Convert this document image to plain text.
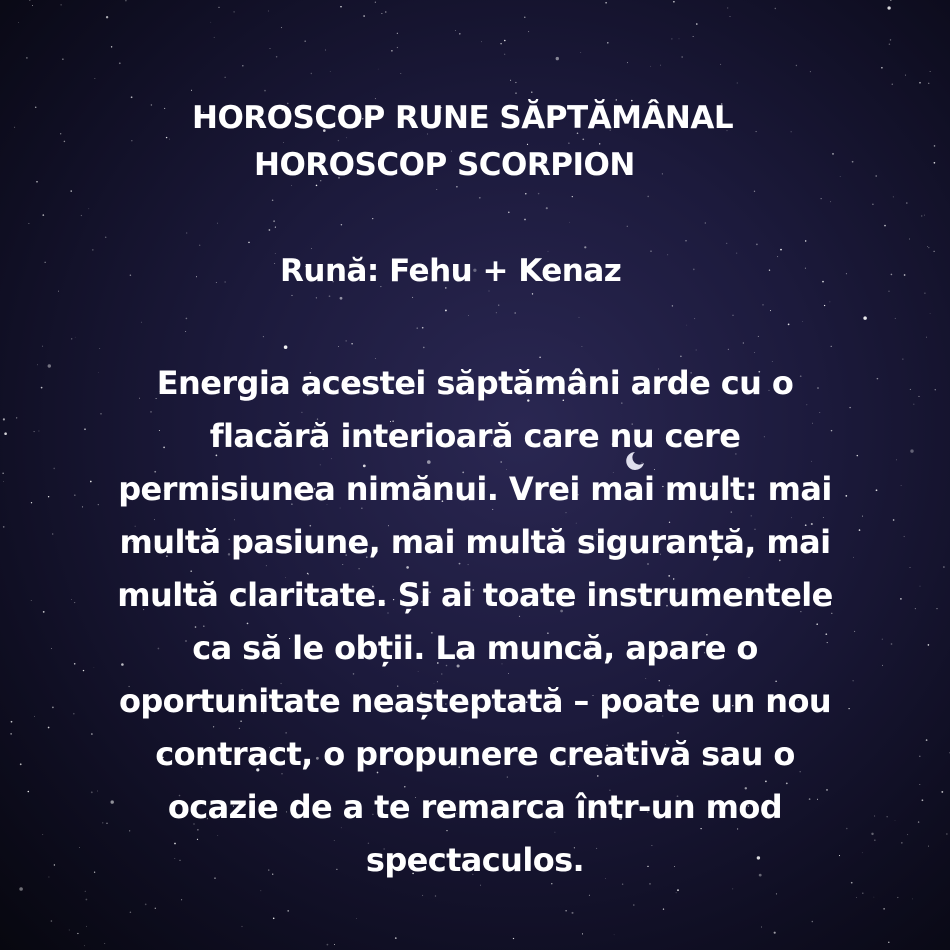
HOROSCOP RUNE SĂPTĂMÂNAL
HOROSCOP SCORPION
Rună: Fehu + Kenaz
Energia acestei săptămâni arde cu o
flacără interioară care nu cere
permisiunea nimănui. Vrei mai mult: mai
multă pasiune, mai multă siguranță, mai
multă claritate. Și ai toate instrumentele
ca să le obții. La muncă, apare o
oportunitate neașteptată – poate un nou
contract, o propunere creativă sau o
ocazie de a te remarca într-un mod
spectaculos.
